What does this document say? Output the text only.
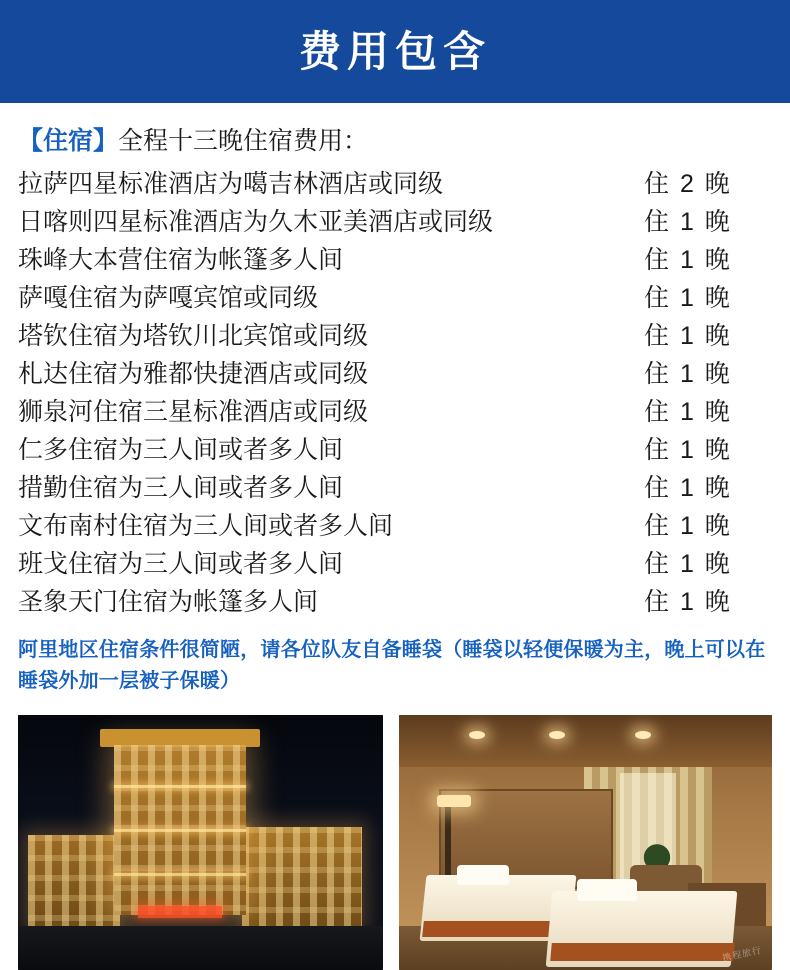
费用包含
【住宿】全程十三晚住宿费用：
拉萨四星标准酒店为噶吉林酒店或同级	住 2 晚
日喀则四星标准酒店为久木亚美酒店或同级	住 1 晚
珠峰大本营住宿为帐篷多人间	住 1 晚
萨嘎住宿为萨嘎宾馆或同级	住 1 晚
塔钦住宿为塔钦川北宾馆或同级	住 1 晚
札达住宿为雅都快捷酒店或同级	住 1 晚
狮泉河住宿三星标准酒店或同级	住 1 晚
仁多住宿为三人间或者多人间	住 1 晚
措勤住宿为三人间或者多人间	住 1 晚
文布南村住宿为三人间或者多人间	住 1 晚
班戈住宿为三人间或者多人间	住 1 晚
圣象天门住宿为帐篷多人间	住 1 晚
阿里地区住宿条件很简陋，请各位队友自备睡袋（睡袋以轻便保暖为主，晚上可以在睡袋外加一层被子保暖）
携程旅行
